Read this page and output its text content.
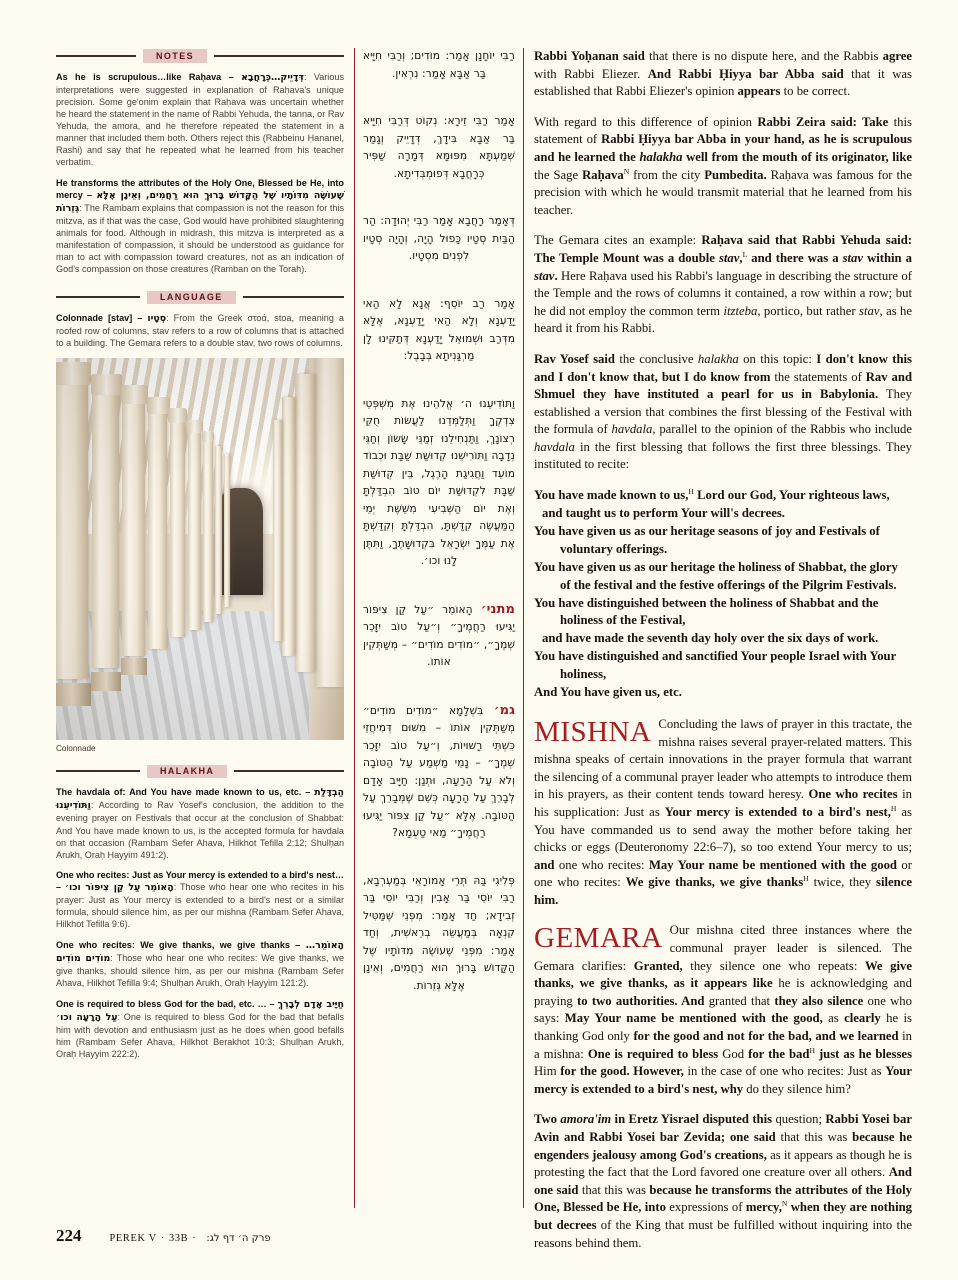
NOTES

As he is scrupulous…like Raḥava – דְּדָיֵיק…כְּרָחֲבָא: Various interpretations were suggested in explanation of Raḥava's unique precision. Some ge'onim explain that Raḥava was uncertain whether he heard the statement in the name of Rabbi Yehuda, the tanna, or Rav Yehuda, the amora, and he therefore repeated the statement in a manner that included them both. Others reject this (Rabbeinu Ḥananel, Rashi) and say that he repeated what he learned from his teacher verbatim.

He transforms the attributes of the Holy One, Blessed be He, into mercy – שֶׁעוֹשֶׂה מִדּוֹתָיו שֶׁל הַקָּדוֹשׁ בָּרוּךְ הוּא רַחֲמִים, וְאֵינָן אֶלָּא גְּזֵרוֹת: The Rambam explains that compassion is not the reason for this mitzva, as if that was the case, God would have prohibited slaughtering animals for food. Although in midrash, this mitzva is interpreted as a manifestation of compassion, it should be understood as guidance for man to act with compassion toward creatures, not as an indication of God's compassion on those creatures (Ramban on the Torah).

LANGUAGE

Colonnade [stav] – סְטָיו: From the Greek στοά, stoa, meaning a roofed row of columns, stav refers to a row of columns that is attached to a building. The Gemara refers to a double stav, two rows of columns.

Colonnade
HALAKHA

The havdala of: And You have made known to us, etc. – הַבְדָּלַת וַתּוֹדִיעֵנוּ: According to Rav Yosef's conclusion, the addition to the evening prayer on Festivals that occur at the conclusion of Shabbat: And You have made known to us, is the accepted formula for havdala on that occasion (Rambam Sefer Ahava, Hilkhot Tefilla 2:12; Shulḥan Arukh, Oraḥ Ḥayyim 491:2).

One who recites: Just as Your mercy is extended to a bird's nest… – הָאוֹמֵר עַל קַן צִיפּוֹר וכו׳: Those who hear one who recites in his prayer: Just as Your mercy is extended to a bird's nest or a similar formula, should silence him, as per our mishna (Rambam Sefer Ahava, Hilkhot Tefilla 9:6).

One who recites: We give thanks, we give thanks – הָאוֹמֵר… מוֹדִים מוֹדִים: Those who hear one who recites: We give thanks, we give thanks, should silence him, as per our mishna (Rambam Sefer Ahava, Hilkhot Tefilla 9:4; Shulḥan Arukh, Oraḥ Ḥayyim 121:2).

One is required to bless God for the bad, etc. … – חַיָּיב אָדָם לְבָרֵךְ עַל הָרָעָה וכו׳: One is required to bless God for the bad that befalls him with devotion and enthusiasm just as he does when good befalls him (Rambam Sefer Ahava, Hilkhot Berakhot 10:3; Shulḥan Arukh, Oraḥ Ḥayyim 222:2).

רַבִּי יוֹחָנָן אָמַר: מוֹדִים; וְרַבִּי חִיָּיא בַּר אַבָּא אָמַר: נִרְאִין.

אָמַר רַבִּי זֵירָא: נְקוֹט דְּרַבִּי חִיָּיא בַּר אַבָּא בִּידָךְ, דְּדָיֵיק וְגָמַר שְׁמַעְתָּא מִפּוּמָּא דְּמָרָה שַׁפִּיר כְּרָחֲבָא דְּפוּמְבְּדִיתָא.

דְּאָמַר רָחֲבָא אָמַר רַבִּי יְהוּדָה: הַר הַבַּיִת סְטָיו כָּפוּל הָיָה, וְהָיָה סְטָיו לִפְנִים מִסְטָיו.

אָמַר רַב יוֹסֵף: אֲנָא לָא הַאי יָדַעְנָא וְלָא הַאי יָדַעְנָא, אֶלָּא מִדְּרַב וּשְׁמוּאֵל יָדַעְנָא דְּתַקִּינוּ לָן מַרְגָּנִיתָא בְּבָבֶל:

וַתּוֹדִיעֵנוּ ה׳ אֱלֹהֵינוּ אֶת מִשְׁפְּטֵי צִדְקֶךָ וַתְּלַמְּדֵנוּ לַעֲשׂוֹת חֻקֵּי רְצוֹנָךְ, וַתַּנְחִילֵנוּ זְמַנֵּי שָׂשׂוֹן וְחַגֵּי נְדָבָה וַתּוֹרִישֵׁנוּ קְדוּשַּׁת שַׁבָּת וּכְבוֹד מוֹעֵד וַחֲגִיגַת הָרֶגֶל, בֵּין קְדוּשַּׁת שַׁבָּת לִקְדוּשַּׁת יוֹם טוֹב הִבְדַּלְתָּ וְאֶת יוֹם הַשְּׁבִיעִי מִשֵּׁשֶׁת יְמֵי הַמַּעֲשֶׂה קִדַּשְׁתָּ, הִבְדַּלְתָּ וְקִדַּשְׁתָּ אֶת עַמְּךָ יִשְׂרָאֵל בִּקְדוּשָּׁתֶךָ, וַתִּתֶּן לָנוּ וכו׳.

מתני׳ הָאוֹמֵר ״עַל קַן צִיפּוֹר יַגִּיעוּ רַחֲמֶיךָ״ וְ״עַל טוֹב יִזָּכֵר שְׁמֶךָ״, ״מוֹדִים מוֹדִים״ – מְשַׁתְּקִין אוֹתוֹ.

גמ׳ בִּשְׁלָמָא ״מוֹדִים מוֹדִים״ מְשַׁתְּקִין אוֹתוֹ – מִשּׁוּם דְּמִיחֲזֵי כִּשְׁתֵּי רָשׁוּיוֹת, וְ״עַל טוֹב יִזָּכֵר שְׁמֶךָ״ – נָמֵי מַשְׁמַע עַל הַטּוֹבָה וְלֹא עַל הָרָעָה, וּתְנַן: חַיָּיב אָדָם לְבָרֵךְ עַל הָרָעָה כְּשֵׁם שֶׁמְּבָרֵךְ עַל הַטּוֹבָה. אֶלָּא ״עַל קַן צִפּוֹר יַגִּיעוּ רַחֲמֶיךָ״ מַאי טַעְמָא?

פְּלִיגִי בַּהּ תְּרֵי אָמוֹרָאֵי בְּמַעְרְבָא, רַבִּי יוֹסֵי בַּר אָבִין וְרַבִּי יוֹסֵי בַּר זְבִידָא; חַד אָמַר: מִפְּנֵי שֶׁמַּטִּיל קִנְאָה בְּמַעֲשֵׂה בְרֵאשִׁית, וְחַד אָמַר: מִפְּנֵי שֶׁעוֹשֶׂה מִדּוֹתָיו שֶׁל הַקָּדוֹשׁ בָּרוּךְ הוּא רַחֲמִים, וְאֵינָן אֶלָּא גְּזֵרוֹת.

Rabbi Yoḥanan said that there is no dispute here, and the Rabbis agree with Rabbi Eliezer. And Rabbi Ḥiyya bar Abba said that it was established that Rabbi Eliezer's opinion appears to be correct.

With regard to this difference of opinion Rabbi Zeira said: Take this statement of Rabbi Ḥiyya bar Abba in your hand, as he is scrupulous and he learned the halakha well from the mouth of its originator, like the Sage Raḥava$^N$ from the city Pumbedita. Raḥava was famous for the precision with which he would transmit material that he learned from his teacher.

The Gemara cites an example: Raḥava said that Rabbi Yehuda said: The Temple Mount was a double stav,$^L$ and there was a stav within a stav. Here Raḥava used his Rabbi's language in describing the structure of the Temple and the rows of columns it contained, a row within a row; but he did not employ the common term itzteba, portico, but rather stav, as he heard it from his Rabbi.

Rav Yosef said the conclusive halakha on this topic: I don't know this and I don't know that, but I do know from the statements of Rav and Shmuel they have instituted a pearl for us in Babylonia. They established a version that combines the first blessing of the Festival with the formula of havdala, parallel to the opinion of the Rabbis who include havdala in the first blessing that follows the first three blessings. They instituted to recite:

You have made known to us,$^H$ Lord our God, Your righteous laws,
and taught us to perform Your will's decrees.
You have given us as our heritage seasons of joy and Festivals of
voluntary offerings.
You have given us as our heritage the holiness of Shabbat, the glory
of the festival and the festive offerings of the Pilgrim Festivals.
You have distinguished between the holiness of Shabbat and the
holiness of the Festival,
and have made the seventh day holy over the six days of work.
You have distinguished and sanctified Your people Israel with Your
holiness,
And You have given us, etc.

MISHNA Concluding the laws of prayer in this tractate, the mishna raises several prayer-related matters. This mishna speaks of certain innovations in the prayer formula that warrant the silencing of a communal prayer leader who attempts to introduce them in his prayers, as their content tends toward heresy. One who recites in his supplication: Just as Your mercy is extended to a bird's nest,$^H$ as You have commanded us to send away the mother before taking her chicks or eggs (Deuteronomy 22:6–7), so too extend Your mercy to us; and one who recites: May Your name be mentioned with the good or one who recites: We give thanks, we give thanks$^H$ twice, they silence him.

GEMARA Our mishna cited three instances where the communal prayer leader is silenced. The Gemara clarifies: Granted, they silence one who repeats: We give thanks, we give thanks, as it appears like he is acknowledging and praying to two authorities. And granted that they also silence one who says: May Your name be mentioned with the good, as clearly he is thanking God only for the good and not for the bad, and we learned in a mishna: One is required to bless God for the bad$^H$ just as he blesses Him for the good. However, in the case of one who recites: Just as Your mercy is extended to a bird's nest, why do they silence him?

Two amora'im in Eretz Yisrael disputed this question; Rabbi Yosei bar Avin and Rabbi Yosei bar Zevida; one said that this was because he engenders jealousy among God's creations, as it appears as though he is protesting the fact that the Lord favored one creature over all others. And one said that this was because he transforms the attributes of the Holy One, Blessed be He, into expressions of mercy,$^N$ when they are nothing but decrees of the King that must be fulfilled without inquiring into the reasons behind them.

224	PEREK V · 33B · פרק ה׳ דף לג:
